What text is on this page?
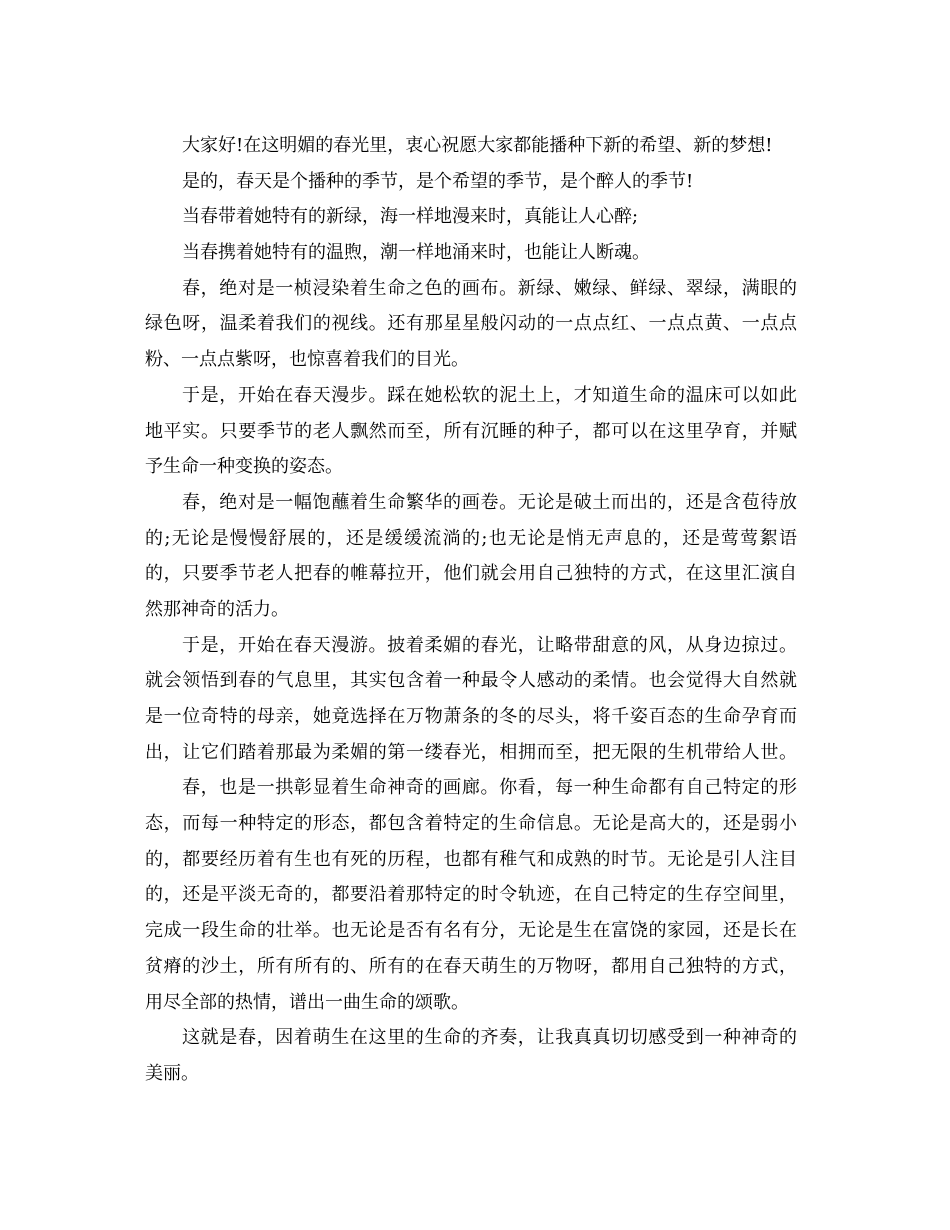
大家好!在这明媚的春光里，衷心祝愿大家都能播种下新的希望、新的梦想!
是的，春天是个播种的季节，是个希望的季节，是个醉人的季节!
当春带着她特有的新绿，海一样地漫来时，真能让人心醉;
当春携着她特有的温煦，潮一样地涌来时，也能让人断魂。
春，绝对是一桢浸染着生命之色的画布。新绿、嫩绿、鲜绿、翠绿，满眼的
绿色呀，温柔着我们的视线。还有那星星般闪动的一点点红、一点点黄、一点点
粉、一点点紫呀，也惊喜着我们的目光。
于是，开始在春天漫步。踩在她松软的泥土上，才知道生命的温床可以如此
地平实。只要季节的老人飘然而至，所有沉睡的种子，都可以在这里孕育，并赋
予生命一种变换的姿态。
春，绝对是一幅饱蘸着生命繁华的画卷。无论是破土而出的，还是含苞待放
的;无论是慢慢舒展的，还是缓缓流淌的;也无论是悄无声息的，还是莺莺絮语
的，只要季节老人把春的帷幕拉开，他们就会用自己独特的方式，在这里汇演自
然那神奇的活力。
于是，开始在春天漫游。披着柔媚的春光，让略带甜意的风，从身边掠过。
就会领悟到春的气息里，其实包含着一种最令人感动的柔情。也会觉得大自然就
是一位奇特的母亲，她竟选择在万物萧条的冬的尽头，将千姿百态的生命孕育而
出，让它们踏着那最为柔媚的第一缕春光，相拥而至，把无限的生机带给人世。
春，也是一拱彰显着生命神奇的画廊。你看，每一种生命都有自己特定的形
态，而每一种特定的形态，都包含着特定的生命信息。无论是高大的，还是弱小
的，都要经历着有生也有死的历程，也都有稚气和成熟的时节。无论是引人注目
的，还是平淡无奇的，都要沿着那特定的时令轨迹，在自己特定的生存空间里，
完成一段生命的壮举。也无论是否有名有分，无论是生在富饶的家园，还是长在
贫瘠的沙土，所有所有的、所有的在春天萌生的万物呀，都用自己独特的方式，
用尽全部的热情，谱出一曲生命的颂歌。
这就是春，因着萌生在这里的生命的齐奏，让我真真切切感受到一种神奇的
美丽。
